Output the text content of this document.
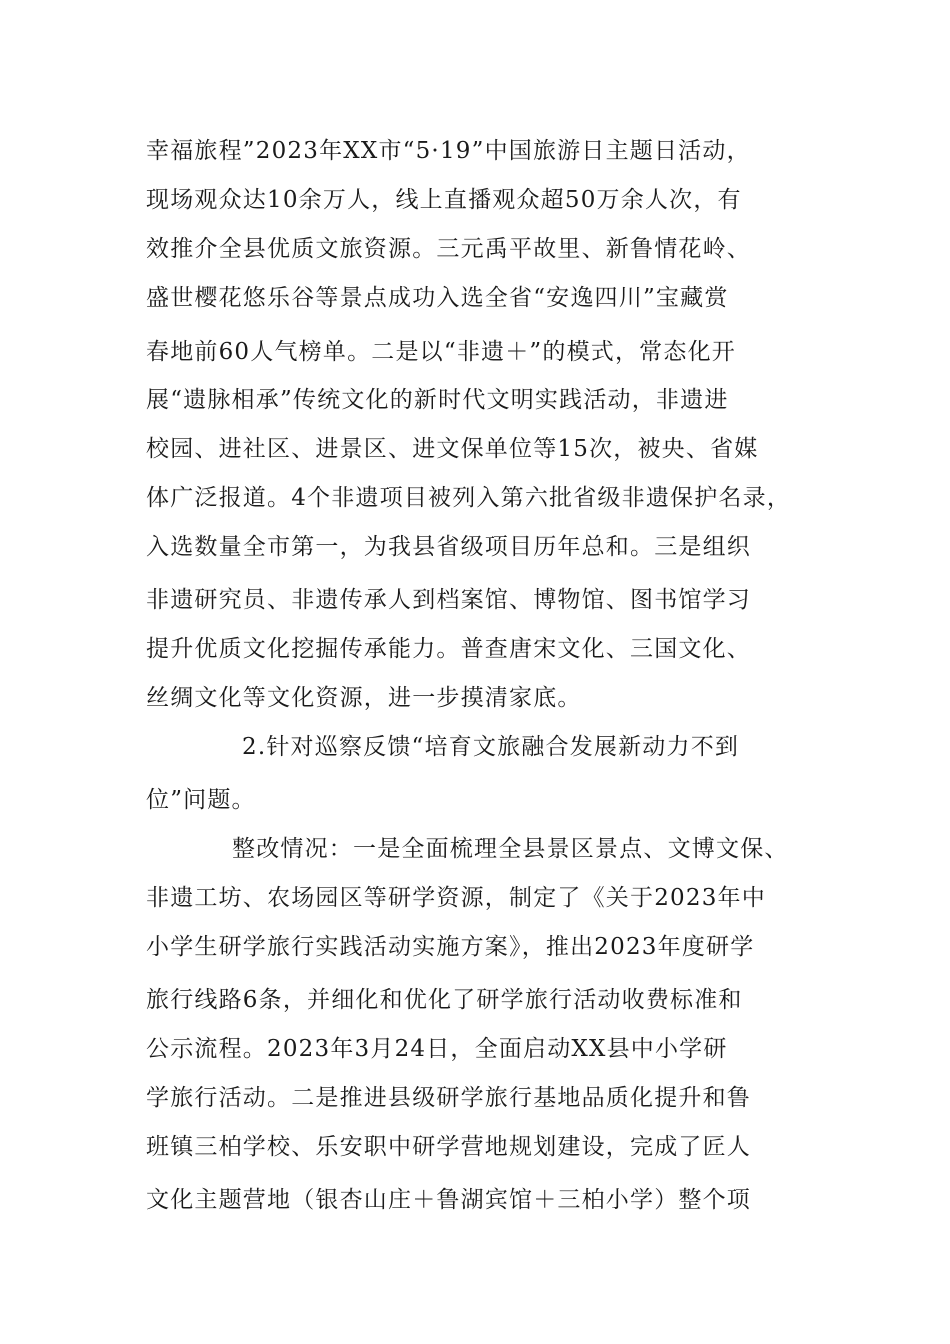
幸福旅程”2023年XX市“5·19”中国旅游日主题日活动，
现场观众达10余万人，线上直播观众超50万余人次，有
效推介全县优质文旅资源。三元禹平故里、新鲁情花岭、
盛世樱花悠乐谷等景点成功入选全省“安逸四川”宝藏赏
春地前60人气榜单。二是以“非遗＋”的模式，常态化开
展“遗脉相承”传统文化的新时代文明实践活动，非遗进
校园、进社区、进景区、进文保单位等15次，被央、省媒
体广泛报道。4个非遗项目被列入第六批省级非遗保护名录，
入选数量全市第一，为我县省级项目历年总和。三是组织
非遗研究员、非遗传承人到档案馆、博物馆、图书馆学习
提升优质文化挖掘传承能力。普查唐宋文化、三国文化、
丝绸文化等文化资源，进一步摸清家底。
2.针对巡察反馈“培育文旅融合发展新动力不到
位”问题。
整改情况：一是全面梳理全县景区景点、文博文保、
非遗工坊、农场园区等研学资源，制定了《关于2023年中
小学生研学旅行实践活动实施方案》，推出2023年度研学
旅行线路6条，并细化和优化了研学旅行活动收费标准和
公示流程。2023年3月24日，全面启动XX县中小学研
学旅行活动。二是推进县级研学旅行基地品质化提升和鲁
班镇三柏学校、乐安职中研学营地规划建设，完成了匠人
文化主题营地（银杏山庄＋鲁湖宾馆＋三柏小学）整个项
